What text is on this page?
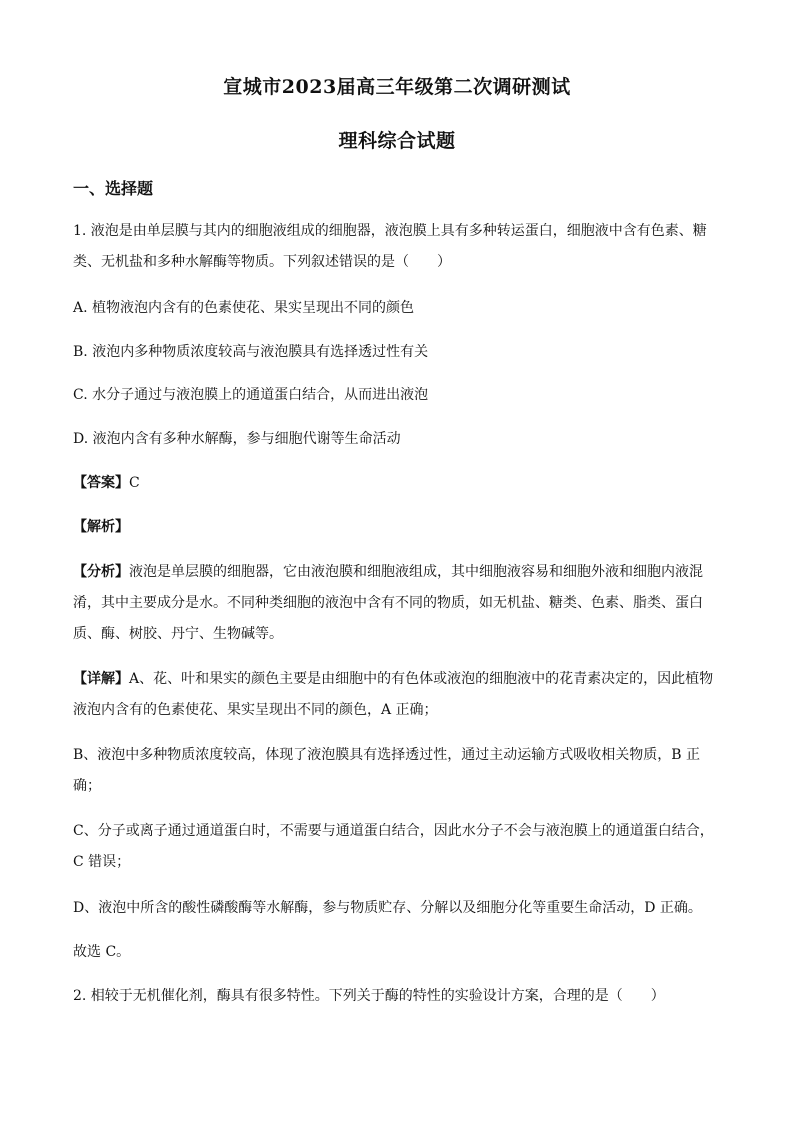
宣城市2023届高三年级第二次调研测试
理科综合试题
一、选择题
1. 液泡是由单层膜与其内的细胞液组成的细胞器，液泡膜上具有多种转运蛋白，细胞液中含有色素、糖
类、无机盐和多种水解酶等物质。下列叙述错误的是（　　）
A. 植物液泡内含有的色素使花、果实呈现出不同的颜色
B. 液泡内多种物质浓度较高与液泡膜具有选择透过性有关
C. 水分子通过与液泡膜上的通道蛋白结合，从而进出液泡
D. 液泡内含有多种水解酶，参与细胞代谢等生命活动
【答案】C
【解析】
【分析】液泡是单层膜的细胞器，它由液泡膜和细胞液组成，其中细胞液容易和细胞外液和细胞内液混
淆，其中主要成分是水。不同种类细胞的液泡中含有不同的物质，如无机盐、糖类、色素、脂类、蛋白
质、酶、树胶、丹宁、生物碱等。
【详解】A、花、叶和果实的颜色主要是由细胞中的有色体或液泡的细胞液中的花青素决定的，因此植物
液泡内含有的色素使花、果实呈现出不同的颜色，A 正确；
B、液泡中多种物质浓度较高，体现了液泡膜具有选择透过性，通过主动运输方式吸收相关物质，B 正
确；
C、分子或离子通过通道蛋白时，不需要与通道蛋白结合，因此水分子不会与液泡膜上的通道蛋白结合，
C 错误；
D、液泡中所含的酸性磷酸酶等水解酶，参与物质贮存、分解以及细胞分化等重要生命活动，D 正确。
故选 C。
2. 相较于无机催化剂，酶具有很多特性。下列关于酶的特性的实验设计方案，合理的是（　　）
